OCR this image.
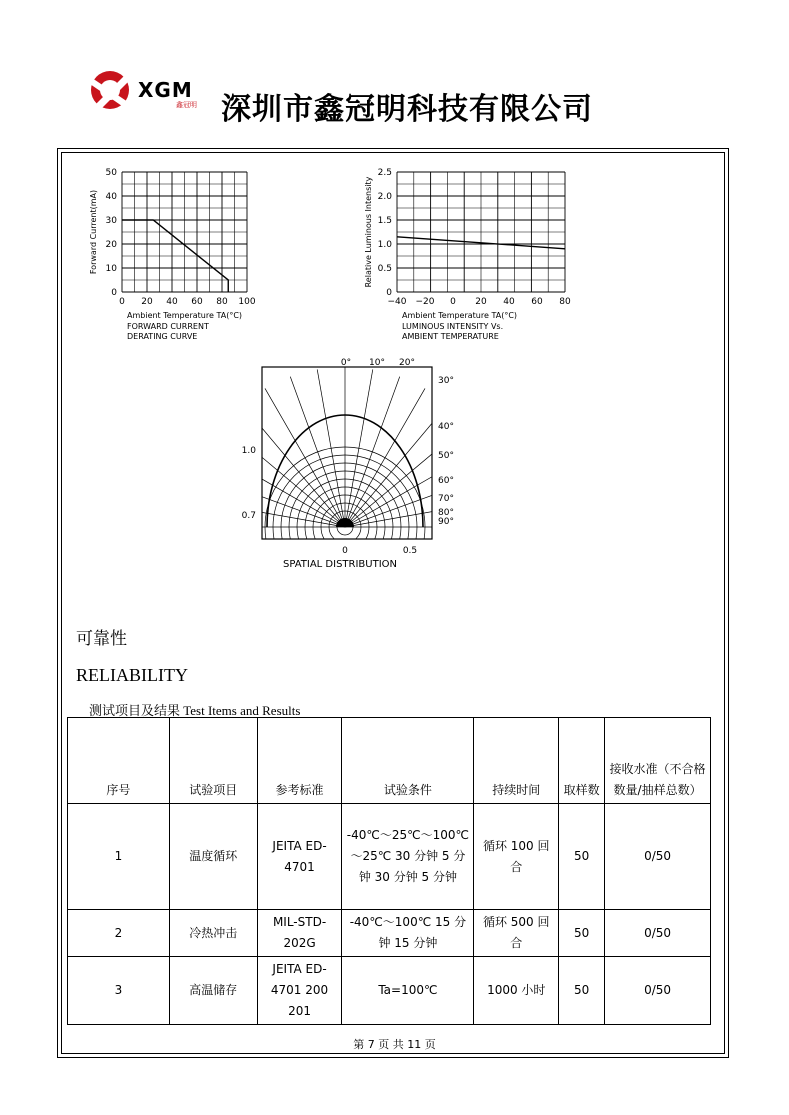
XGM
鑫冠明 深圳市鑫冠明科技有限公司
0 20 40 60 80 100
0
10
20
30
40
50
Ambient Temperature TA(°C)
Forward Current(mA)
FORWARD CURRENT
DERATING CURVE
−40 −20 0 20 40 60 80
0
0.5
1.0
1.5
2.0
2.5
Ambient Temperature TA(°C)
Relative Luminous Intensity
LUMINOUS INTENSITY Vs.
AMBIENT TEMPERATURE
0° 10° 20°
30°
40°
50°
60°
70°
80°
90°
1.0
0.7
0	0.5
SPATIAL DISTRIBUTION
可靠性
RELIABILITY
测试项目及结果 Test Items and Results
序号	试验项目	参考标准	试验条件	持续时间	取样数	接收水准（不合格数量/抽样总数）
1	温度循环	JEITA ED-4701	-40℃～25℃～100℃～25℃ 30 分钟 5 分钟 30 分钟 5 分钟	循环 100 回合	50	0/50
2	冷热冲击	MIL-STD-202G	-40℃～100℃ 15 分钟 15 分钟	循环 500 回合	50	0/50
3	高温储存	JEITA ED-4701 200 201	Ta=100℃	1000 小时	50	0/50
第 7 页 共 11 页
